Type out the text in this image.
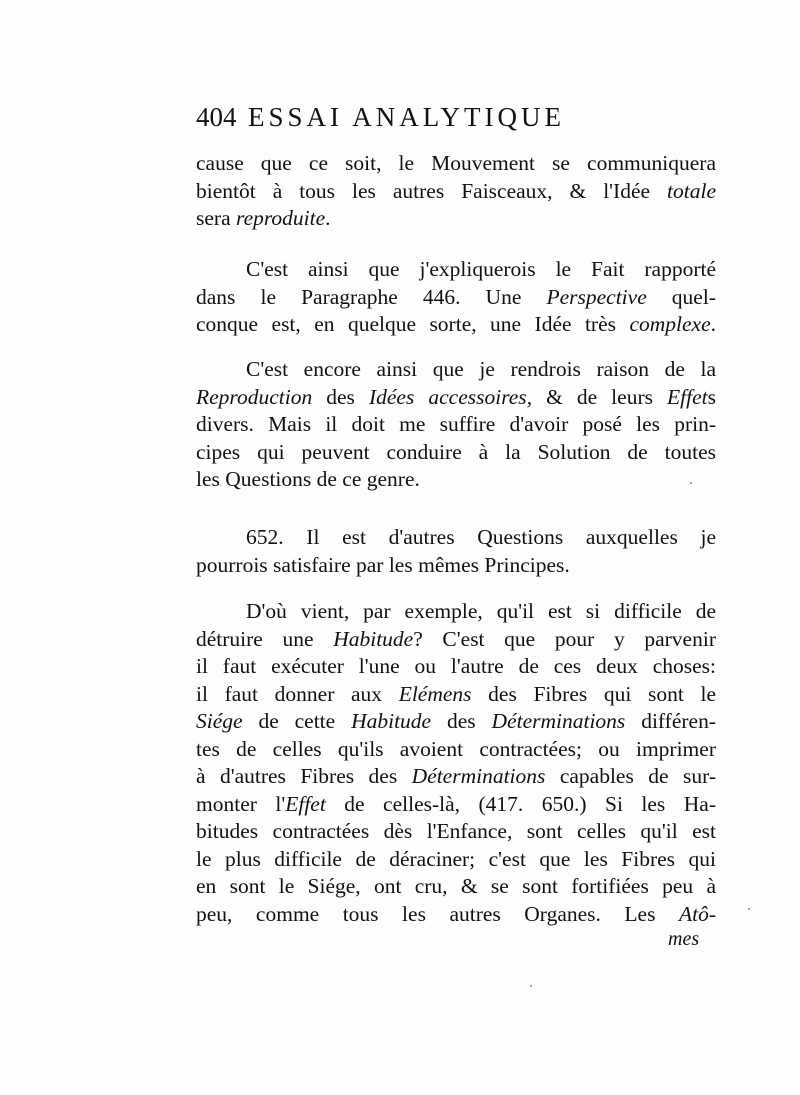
404 ESSAI ANALYTIQUE
cause que ce soit, le Mouvement se communiquera
bientôt à tous les autres Faisceaux, & l'Idée totale
sera reproduite.
C'est ainsi que j'expliquerois le Fait rapporté
dans le Paragraphe 446. Une Perspective quel-
conque est, en quelque sorte, une Idée très complexe.
C'est encore ainsi que je rendrois raison de la
Reproduction des Idées accessoires, & de leurs Effets
divers. Mais il doit me suffire d'avoir posé les prin-
cipes qui peuvent conduire à la Solution de toutes
les Questions de ce genre.
652. Il est d'autres Questions auxquelles je
pourrois satisfaire par les mêmes Principes.
D'où vient, par exemple, qu'il est si difficile de
détruire une Habitude? C'est que pour y parvenir
il faut exécuter l'une ou l'autre de ces deux choses:
il faut donner aux Elémens des Fibres qui sont le
Siége de cette Habitude des Déterminations différen-
tes de celles qu'ils avoient contractées; ou imprimer
à d'autres Fibres des Déterminations capables de sur-
monter l'Effet de celles-là, (417. 650.) Si les Ha-
bitudes contractées dès l'Enfance, sont celles qu'il est
le plus difficile de déraciner; c'est que les Fibres qui
en sont le Siége, ont cru, & se sont fortifiées peu à
peu, comme tous les autres Organes. Les Atô-
mes
